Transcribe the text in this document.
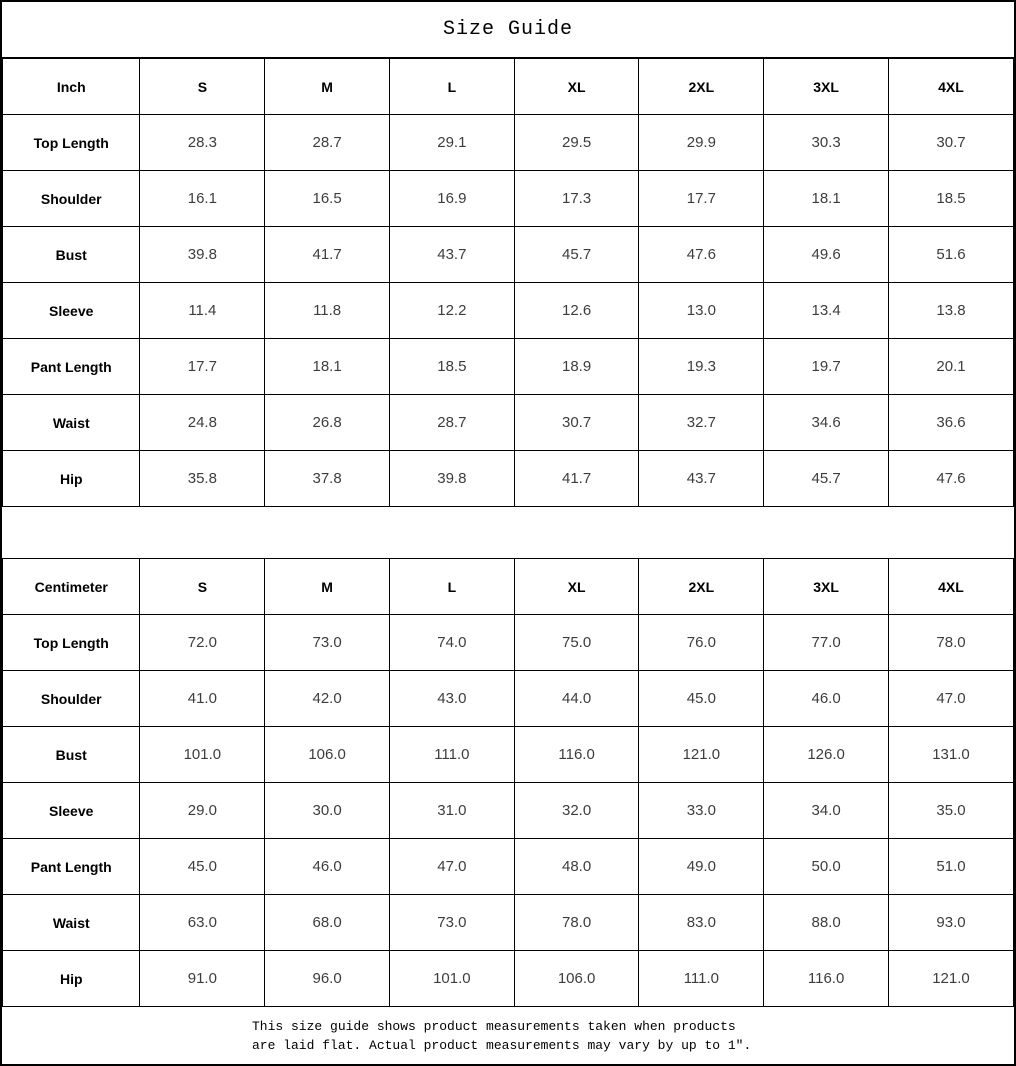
Size Guide
Inch	S	M	L	XL	2XL	3XL	4XL
Top Length	28.3	28.7	29.1	29.5	29.9	30.3	30.7
Shoulder	16.1	16.5	16.9	17.3	17.7	18.1	18.5
Bust	39.8	41.7	43.7	45.7	47.6	49.6	51.6
Sleeve	11.4	11.8	12.2	12.6	13.0	13.4	13.8
Pant Length	17.7	18.1	18.5	18.9	19.3	19.7	20.1
Waist	24.8	26.8	28.7	30.7	32.7	34.6	36.6
Hip	35.8	37.8	39.8	41.7	43.7	45.7	47.6
Centimeter	S	M	L	XL	2XL	3XL	4XL
Top Length	72.0	73.0	74.0	75.0	76.0	77.0	78.0
Shoulder	41.0	42.0	43.0	44.0	45.0	46.0	47.0
Bust	101.0	106.0	111.0	116.0	121.0	126.0	131.0
Sleeve	29.0	30.0	31.0	32.0	33.0	34.0	35.0
Pant Length	45.0	46.0	47.0	48.0	49.0	50.0	51.0
Waist	63.0	68.0	73.0	78.0	83.0	88.0	93.0
Hip	91.0	96.0	101.0	106.0	111.0	116.0	121.0
This size guide shows product measurements taken when products
are laid flat. Actual product measurements may vary by up to 1″.
